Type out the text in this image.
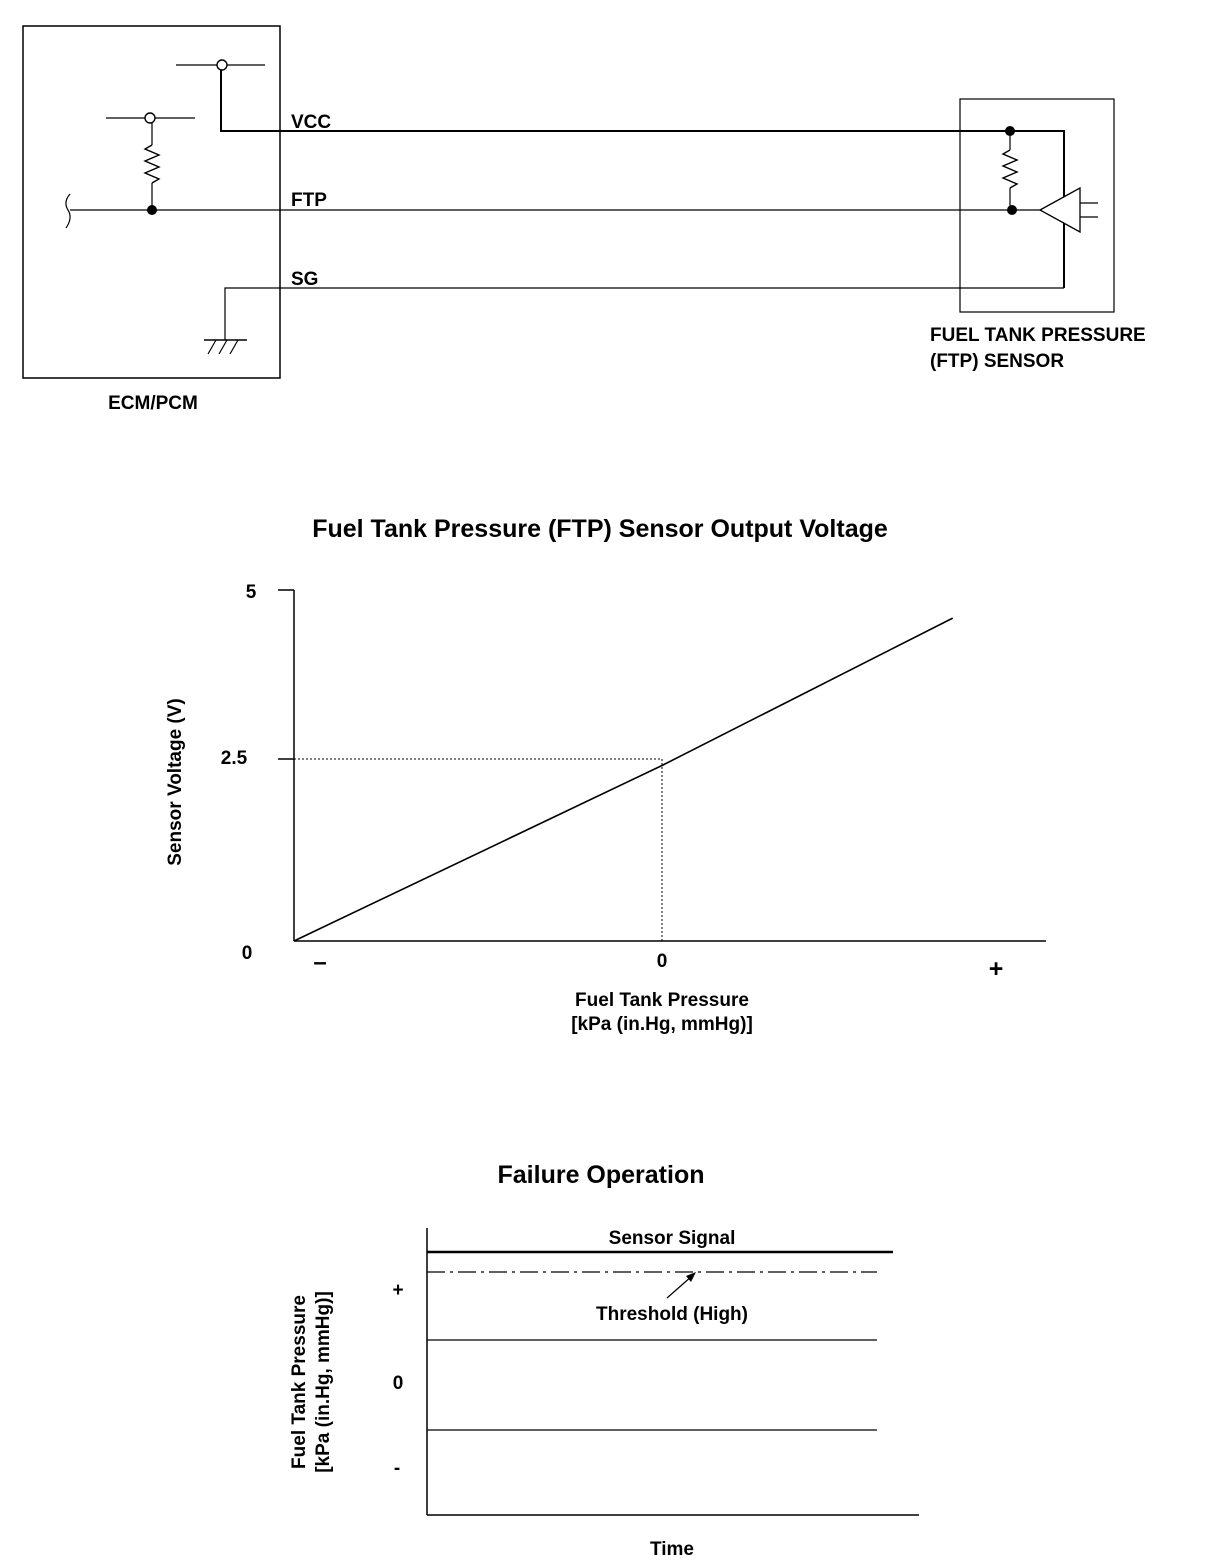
VCC
FTP
SG
ECM/PCM
FUEL TANK PRESSURE
(FTP) SENSOR
Fuel Tank Pressure (FTP) Sensor Output Voltage
5
2.5
0	–	0	+
Fuel Tank Pressure
[kPa (in.Hg, mmHg)]
Sensor Voltage (V)
Failure Operation
Sensor Signal
Threshold (High)
+
0
-
Time
Fuel Tank Pressure [kPa (in.Hg, mmHg)]
